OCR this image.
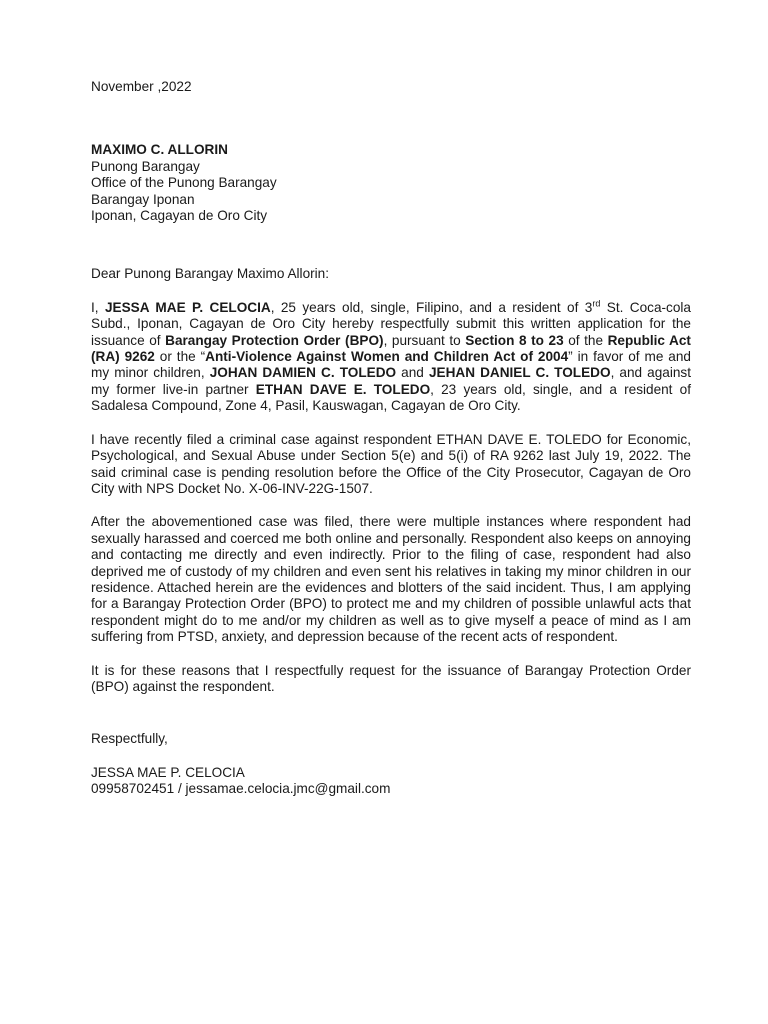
November ,2022
MAXIMO C. ALLORIN
Punong Barangay
Office of the Punong Barangay
Barangay Iponan
Iponan, Cagayan de Oro City
Dear Punong Barangay Maximo Allorin:

I, JESSA MAE P. CELOCIA, 25 years old, single, Filipino, and a resident of 3rd St. Coca-cola Subd., Iponan, Cagayan de Oro City hereby respectfully submit this written application for the issuance of Barangay Protection Order (BPO), pursuant to Section 8 to 23 of the Republic Act (RA) 9262 or the “Anti-Violence Against Women and Children Act of 2004” in favor of me and my minor children, JOHAN DAMIEN C. TOLEDO and JEHAN DANIEL C. TOLEDO, and against my former live-in partner ETHAN DAVE E. TOLEDO, 23 years old, single, and a resident of Sadalesa Compound, Zone 4, Pasil, Kauswagan, Cagayan de Oro City.

I have recently filed a criminal case against respondent ETHAN DAVE E. TOLEDO for Economic, Psychological, and Sexual Abuse under Section 5(e) and 5(i) of RA 9262 last July 19, 2022. The said criminal case is pending resolution before the Office of the City Prosecutor, Cagayan de Oro City with NPS Docket No. X-06-INV-22G-1507.

After the abovementioned case was filed, there were multiple instances where respondent had sexually harassed and coerced me both online and personally. Respondent also keeps on annoying and contacting me directly and even indirectly. Prior to the filing of case, respondent had also deprived me of custody of my children and even sent his relatives in taking my minor children in our residence. Attached herein are the evidences and blotters of the said incident. Thus, I am applying for a Barangay Protection Order (BPO) to protect me and my children of possible unlawful acts that respondent might do to me and/or my children as well as to give myself a peace of mind as I am suffering from PTSD, anxiety, and depression because of the recent acts of respondent.

It is for these reasons that I respectfully request for the issuance of Barangay Protection Order (BPO) against the respondent.

Respectfully,
JESSA MAE P. CELOCIA
09958702451 / jessamae.celocia.jmc@gmail.com
